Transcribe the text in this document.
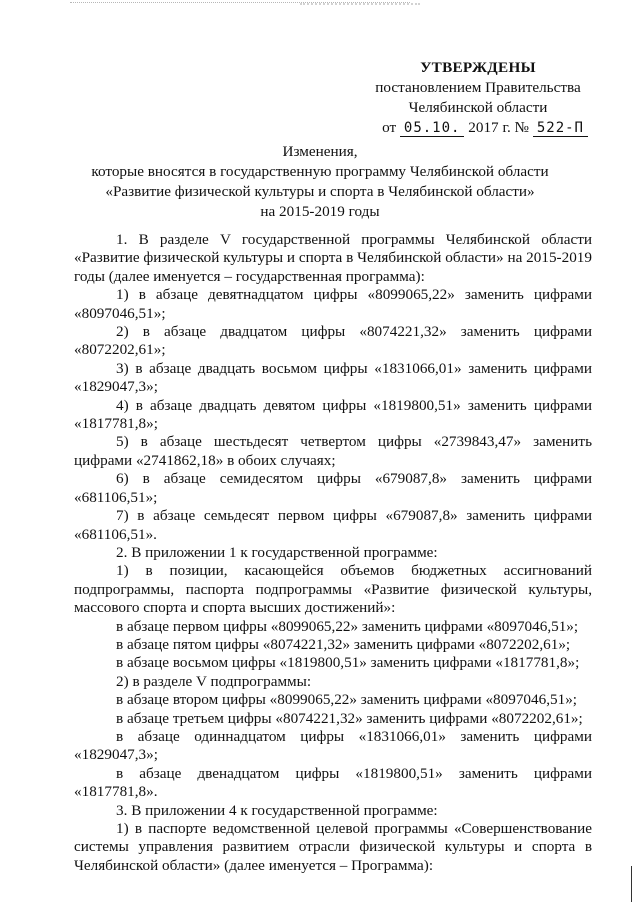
УТВЕРЖДЕНЫ
постановлением Правительства
Челябинской области
от 05.10. 2017 г. № 522-П
Изменения,
которые вносятся в государственную программу Челябинской области
«Развитие физической культуры и спорта в Челябинской области»
на 2015-2019 годы

1. В разделе V государственной программы Челябинской области «Развитие физической культуры и спорта в Челябинской области» на 2015-2019 годы (далее именуется – государственная программа):

1) в абзаце девятнадцатом цифры «8099065,22» заменить цифрами «8097046,51»;

2) в абзаце двадцатом цифры «8074221,32» заменить цифрами «8072202,61»;

3) в абзаце двадцать восьмом цифры «1831066,01» заменить цифрами «1829047,3»;

4) в абзаце двадцать девятом цифры «1819800,51» заменить цифрами «1817781,8»;

5) в абзаце шестьдесят четвертом цифры «2739843,47» заменить цифрами «2741862,18» в обоих случаях;

6) в абзаце семидесятом цифры «679087,8» заменить цифрами «681106,51»;

7) в абзаце семьдесят первом цифры «679087,8» заменить цифрами «681106,51».

2. В приложении 1 к государственной программе:

1) в позиции, касающейся объемов бюджетных ассигнований подпрограммы, паспорта подпрограммы «Развитие физической культуры, массового спорта и спорта высших достижений»:

в абзаце первом цифры «8099065,22» заменить цифрами «8097046,51»;

в абзаце пятом цифры «8074221,32» заменить цифрами «8072202,61»;

в абзаце восьмом цифры «1819800,51» заменить цифрами «1817781,8»;

2) в разделе V подпрограммы:

в абзаце втором цифры «8099065,22» заменить цифрами «8097046,51»;

в абзаце третьем цифры «8074221,32» заменить цифрами «8072202,61»;

в абзаце одиннадцатом цифры «1831066,01» заменить цифрами «1829047,3»;

в абзаце двенадцатом цифры «1819800,51» заменить цифрами «1817781,8».

3. В приложении 4 к государственной программе:

1) в паспорте ведомственной целевой программы «Совершенствование системы управления развитием отрасли физической культуры и спорта в Челябинской области» (далее именуется – Программа):
